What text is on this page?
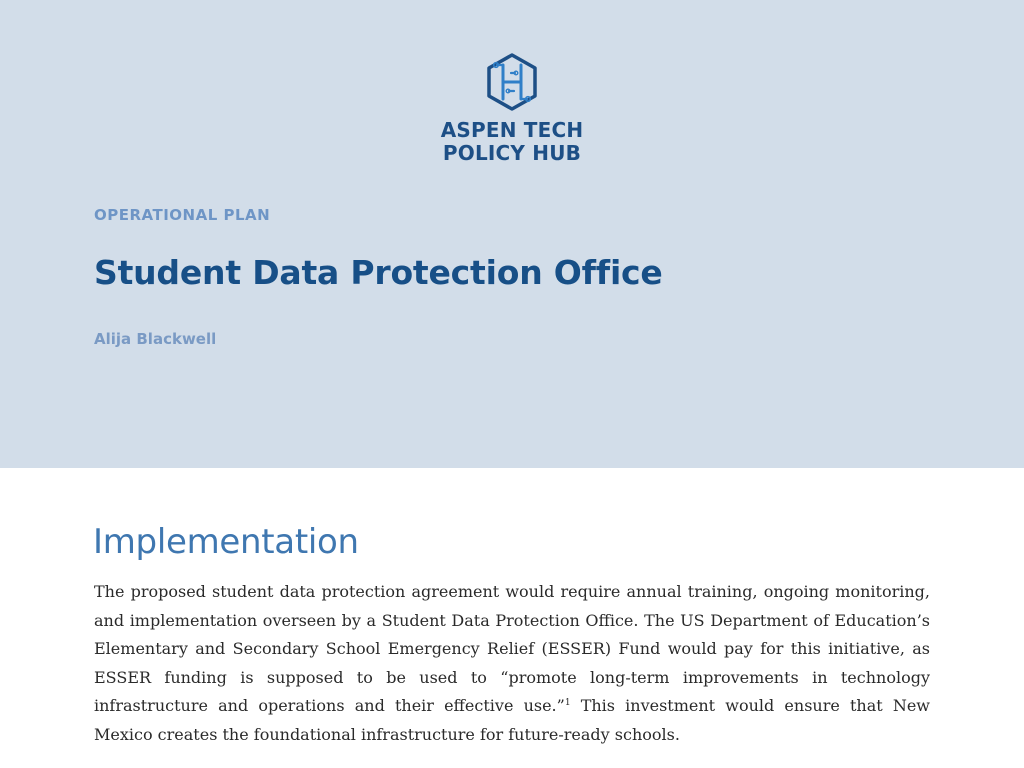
ASPEN TECH
POLICY HUB
OPERATIONAL PLAN
Student Data Protection Office
Alija Blackwell
Implementation

The proposed student data protection agreement would require annual training, ongoing monitoring, and implementation overseen by a Student Data Protection Office. The US Department of Education’s Elementary and Secondary School Emergency Relief (ESSER) Fund would pay for this initiative, as ESSER funding is supposed to be used to “promote long-term improvements in technology infrastructure and operations and their effective use.”$^1$ This investment would ensure that New Mexico creates the foundational infrastructure for future-ready schools.
